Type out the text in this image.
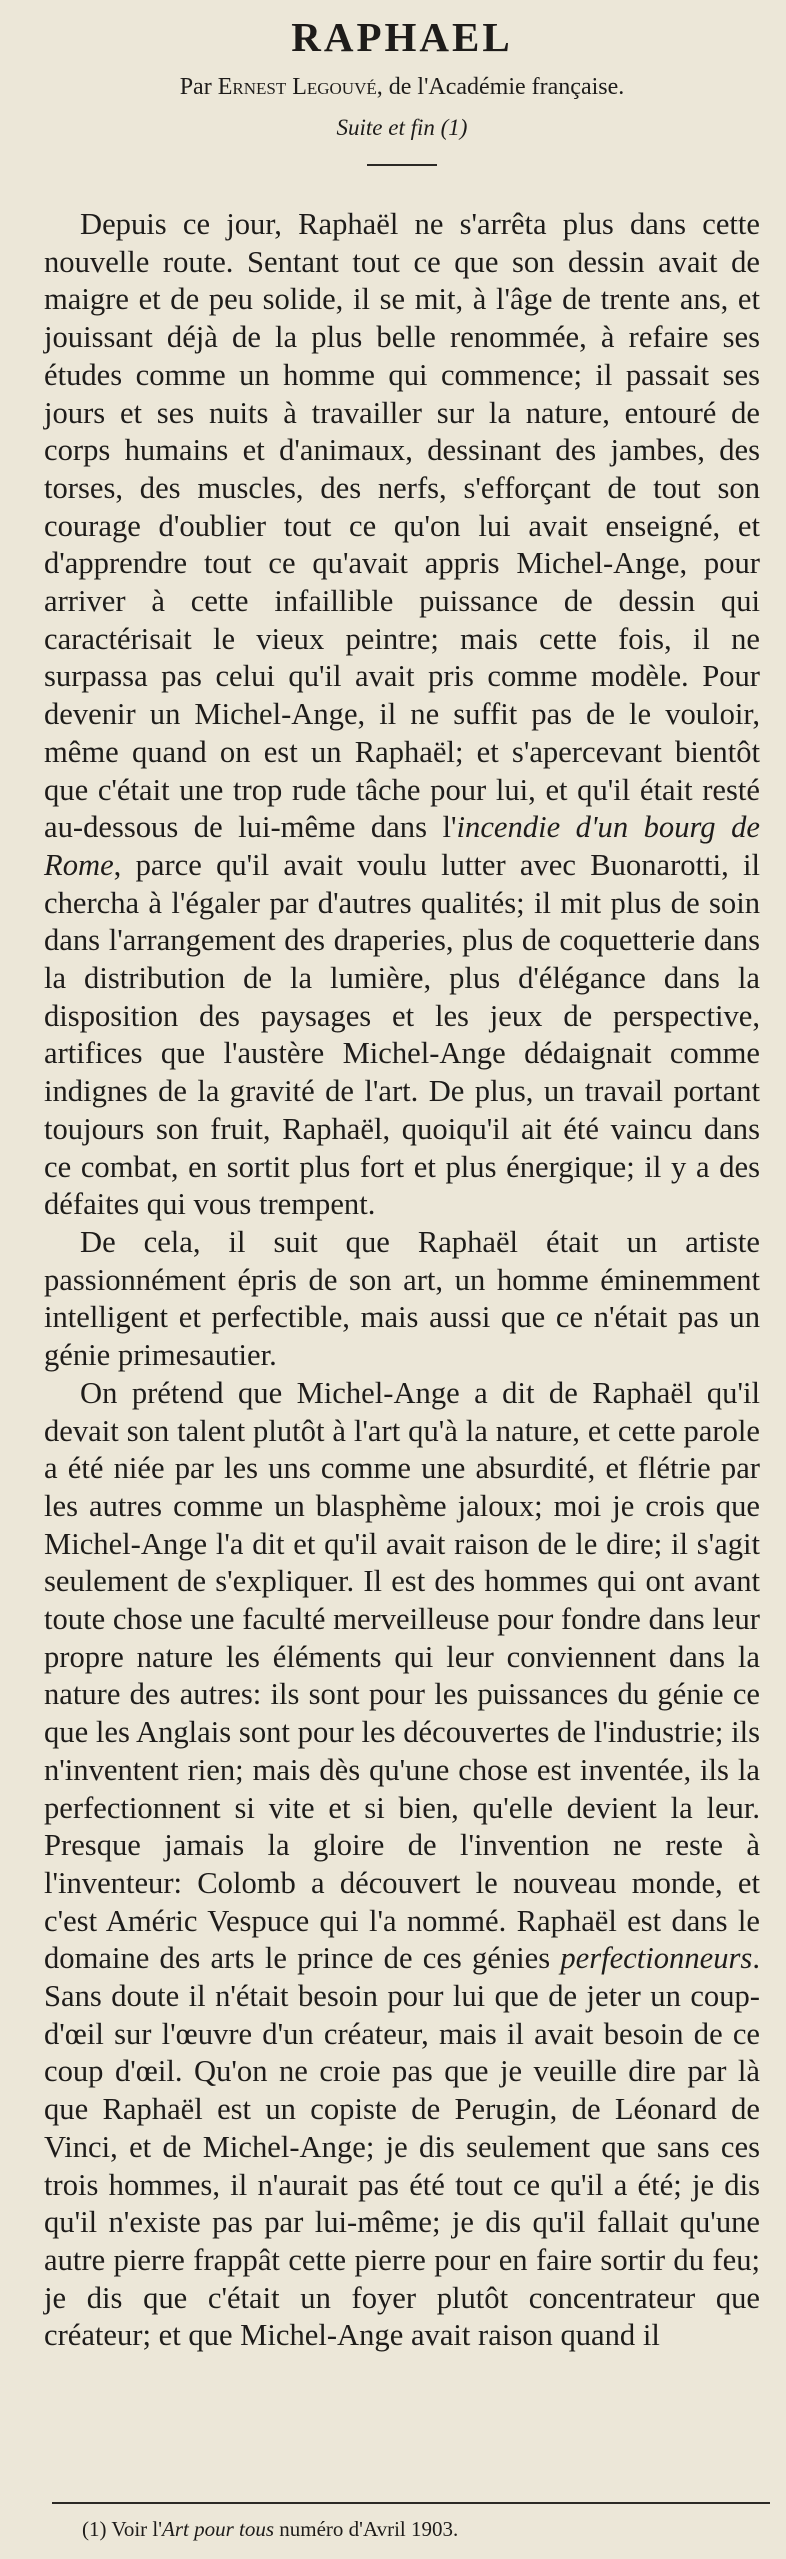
RAPHAEL
Par Ernest Legouvé, de l'Académie française.
Suite et fin (1)

Depuis ce jour, Raphaël ne s'arrêta plus dans cette nouvelle route. Sentant tout ce que son dessin avait de maigre et de peu solide, il se mit, à l'âge de trente ans, et jouissant déjà de la plus belle renommée, à refaire ses études comme un homme qui commence; il passait ses jours et ses nuits à travailler sur la nature, entouré de corps humains et d'animaux, dessinant des jambes, des torses, des muscles, des nerfs, s'efforçant de tout son courage d'oublier tout ce qu'on lui avait enseigné, et d'apprendre tout ce qu'avait appris Michel-Ange, pour arriver à cette infaillible puissance de dessin qui caractérisait le vieux peintre; mais cette fois, il ne surpassa pas celui qu'il avait pris comme modèle. Pour devenir un Michel-Ange, il ne suffit pas de le vouloir, même quand on est un Raphaël; et s'apercevant bientôt que c'était une trop rude tâche pour lui, et qu'il était resté au-dessous de lui-même dans l'incendie d'un bourg de Rome, parce qu'il avait voulu lutter avec Buonarotti, il chercha à l'égaler par d'autres qualités; il mit plus de soin dans l'arrangement des draperies, plus de coquetterie dans la distribution de la lumière, plus d'élégance dans la disposition des paysages et les jeux de perspective, artifices que l'austère Michel-Ange dédaignait comme indignes de la gravité de l'art. De plus, un travail portant toujours son fruit, Raphaël, quoiqu'il ait été vaincu dans ce combat, en sortit plus fort et plus énergique; il y a des défaites qui vous trempent.

De cela, il suit que Raphaël était un artiste passionnément épris de son art, un homme éminemment intelligent et perfectible, mais aussi que ce n'était pas un génie primesautier.

On prétend que Michel-Ange a dit de Raphaël qu'il devait son talent plutôt à l'art qu'à la nature, et cette parole a été niée par les uns comme une absurdité, et flétrie par les autres comme un blasphème jaloux; moi je crois que Michel-Ange l'a dit et qu'il avait raison de le dire; il s'agit seulement de s'expliquer. Il est des hommes qui ont avant toute chose une faculté merveilleuse pour fondre dans leur propre nature les éléments qui leur conviennent dans la nature des autres: ils sont pour les puissances du génie ce que les Anglais sont pour les découvertes de l'industrie; ils n'inventent rien; mais dès qu'une chose est inventée, ils la perfectionnent si vite et si bien, qu'elle devient la leur. Presque jamais la gloire de l'invention ne reste à l'inventeur: Colomb a découvert le nouveau monde, et c'est Améric Vespuce qui l'a nommé. Raphaël est dans le domaine des arts le prince de ces génies perfectionneurs. Sans doute il n'était besoin pour lui que de jeter un coup-d'œil sur l'œuvre d'un créateur, mais il avait besoin de ce coup d'œil. Qu'on ne croie pas que je veuille dire par là que Raphaël est un copiste de Perugin, de Léonard de Vinci, et de Michel-Ange; je dis seulement que sans ces trois hommes, il n'aurait pas été tout ce qu'il a été; je dis qu'il n'existe pas par lui-même; je dis qu'il fallait qu'une autre pierre frappât cette pierre pour en faire sortir du feu; je dis que c'était un foyer plutôt concentrateur que créateur; et que Michel-Ange avait raison quand il

(1) Voir l'Art pour tous numéro d'Avril 1903.
